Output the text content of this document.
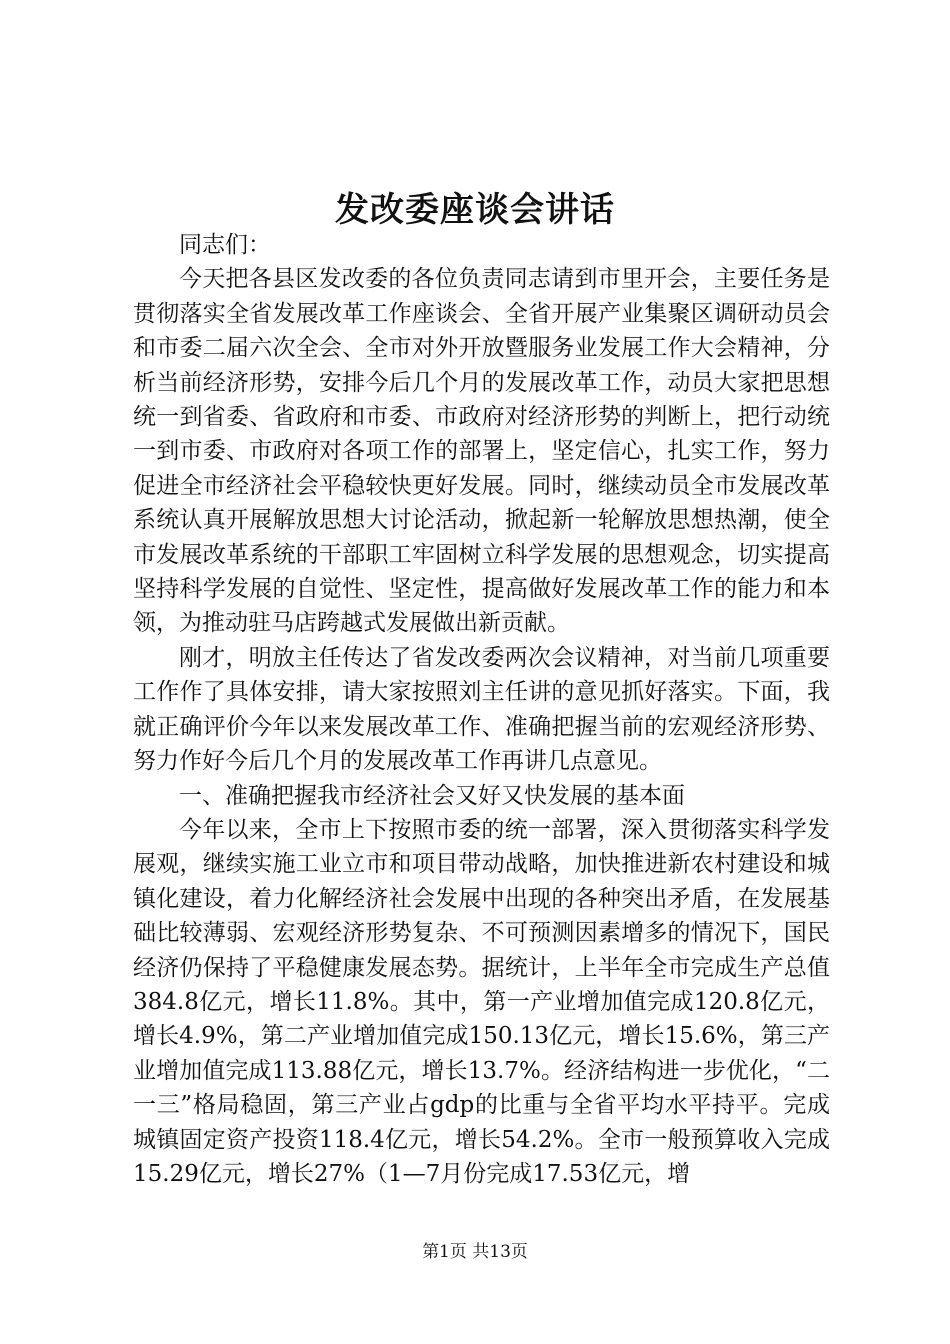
发改委座谈会讲话

同志们：

今天把各县区发改委的各位负责同志请到市里开会，主要任务是贯彻落实全省发展改革工作座谈会、全省开展产业集聚区调研动员会和市委二届六次全会、全市对外开放暨服务业发展工作大会精神，分析当前经济形势，安排今后几个月的发展改革工作，动员大家把思想统一到省委、省政府和市委、市政府对经济形势的判断上，把行动统一到市委、市政府对各项工作的部署上，坚定信心，扎实工作，努力促进全市经济社会平稳较快更好发展。同时，继续动员全市发展改革系统认真开展解放思想大讨论活动，掀起新一轮解放思想热潮，使全市发展改革系统的干部职工牢固树立科学发展的思想观念，切实提高坚持科学发展的自觉性、坚定性，提高做好发展改革工作的能力和本领，为推动驻马店跨越式发展做出新贡献。

刚才，明放主任传达了省发改委两次会议精神，对当前几项重要工作作了具体安排，请大家按照刘主任讲的意见抓好落实。下面，我就正确评价今年以来发展改革工作、准确把握当前的宏观经济形势、努力作好今后几个月的发展改革工作再讲几点意见。

一、准确把握我市经济社会又好又快发展的基本面

今年以来，全市上下按照市委的统一部署，深入贯彻落实科学发展观，继续实施工业立市和项目带动战略，加快推进新农村建设和城镇化建设，着力化解经济社会发展中出现的各种突出矛盾，在发展基础比较薄弱、宏观经济形势复杂、不可预测因素增多的情况下，国民经济仍保持了平稳健康发展态势。据统计，上半年全市完成生产总值384.8亿元，增长11.8%。其中，第一产业增加值完成120.8亿元，增长4.9%，第二产业增加值完成150.13亿元，增长15.6%，第三产业增加值完成113.88亿元，增长13.7%。经济结构进一步优化，“二一三”格局稳固，第三产业占gdp的比重与全省平均水平持平。完成城镇固定资产投资118.4亿元，增长54.2%。全市一般预算收入完成15.29亿元，增长27%（1—7月份完成17.53亿元，增

第1页 共13页
